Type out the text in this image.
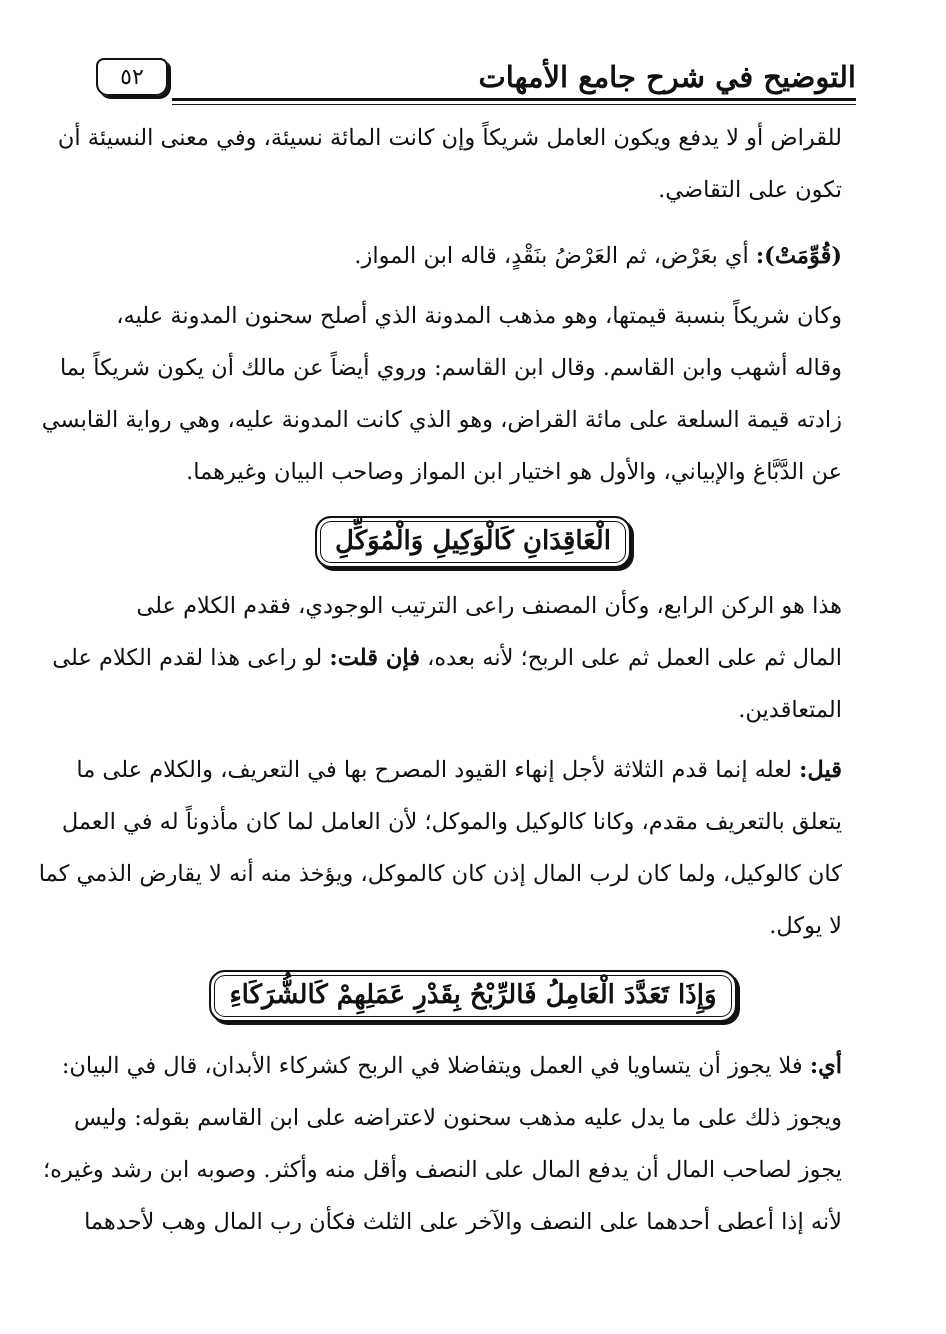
٥٢	التوضيح في شرح جامع الأمهات
للقراض أو لا يدفع ويكون العامل شريكاً وإن كانت المائة نسيئة، وفي معنى النسيئة أن
تكون على التقاضي.
(قُوِّمَتْ): أي بعَرْض، ثم العَرْضُ بنَقْدٍ، قاله ابن المواز.
وكان شريكاً بنسبة قيمتها، وهو مذهب المدونة الذي أصلح سحنون المدونة عليه،
وقاله أشهب وابن القاسم. وقال ابن القاسم: وروي أيضاً عن مالك أن يكون شريكاً بما
زادته قيمة السلعة على مائة القراض، وهو الذي كانت المدونة عليه، وهي رواية القابسي
عن الدَّبَّاغ والإبياني، والأول هو اختيار ابن المواز وصاحب البيان وغيرهما.
الْعَاقِدَانِ كَالْوَكِيلِ وَالْمُوَكِّلِ
هذا هو الركن الرابع، وكأن المصنف راعى الترتيب الوجودي، فقدم الكلام على
المال ثم على العمل ثم على الربح؛ لأنه بعده، فإن قلت: لو راعى هذا لقدم الكلام على
المتعاقدين.
قيل: لعله إنما قدم الثلاثة لأجل إنهاء القيود المصرح بها في التعريف، والكلام على ما
يتعلق بالتعريف مقدم، وكانا كالوكيل والموكل؛ لأن العامل لما كان مأذوناً له في العمل
كان كالوكيل، ولما كان لرب المال إذن كان كالموكل، ويؤخذ منه أنه لا يقارض الذمي كما
لا يوكل.
وَإِذَا تَعَدَّدَ الْعَامِلُ فَالرِّبْحُ بِقَدْرِ عَمَلِهِمْ كَالشُّرَكَاءِ
أي: فلا يجوز أن يتساويا في العمل ويتفاضلا في الربح كشركاء الأبدان، قال في البيان:
ويجوز ذلك على ما يدل عليه مذهب سحنون لاعتراضه على ابن القاسم بقوله: وليس
يجوز لصاحب المال أن يدفع المال على النصف وأقل منه وأكثر. وصوبه ابن رشد وغيره؛
لأنه إذا أعطى أحدهما على النصف والآخر على الثلث فكأن رب المال وهب لأحدهما
